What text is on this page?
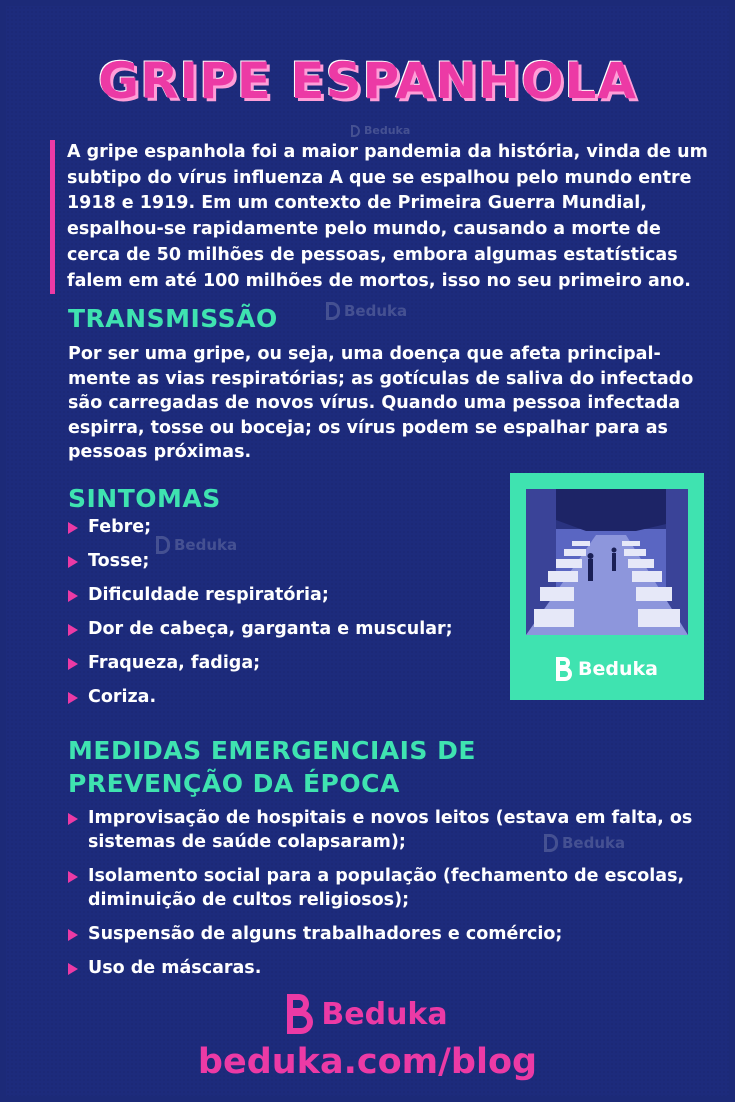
GRIPE ESPANHOLA
Beduka

A gripe espanhola foi a maior pandemia da história, vinda de um subtipo do vírus influenza A que se espalhou pelo mundo entre 1918 e 1919. Em um contexto de Primeira Guerra Mundial, espalhou-se rapidamente pelo mundo, causando a morte de cerca de 50 milhões de pessoas, embora algumas estatísticas falem em até 100 milhões de mortos, isso no seu primeiro ano.

TRANSMISSÃO	Beduka

Por ser uma gripe, ou seja, uma doença que afeta principal-mente as vias respiratórias; as gotículas de saliva do infectado são carregadas de novos vírus. Quando uma pessoa infectada espirra, tosse ou boceja; os vírus podem se espalhar para as pessoas próximas.

SINTOMAS
Beduka
Febre;
Tosse;
Dificuldade respiratória;
Dor de cabeça, garganta e muscular;
Fraqueza, fadiga;
Coriza.
Beduka
MEDIDAS EMERGENCIAIS DE
PREVENÇÃO DA ÉPOCA
Beduka
Improvisação de hospitais e novos leitos (estava em falta, os sistemas de saúde colapsaram);
Isolamento social para a população (fechamento de escolas, diminuição de cultos religiosos);
Suspensão de alguns trabalhadores e comércio;
Uso de máscaras.
Beduka

beduka.com/blog
